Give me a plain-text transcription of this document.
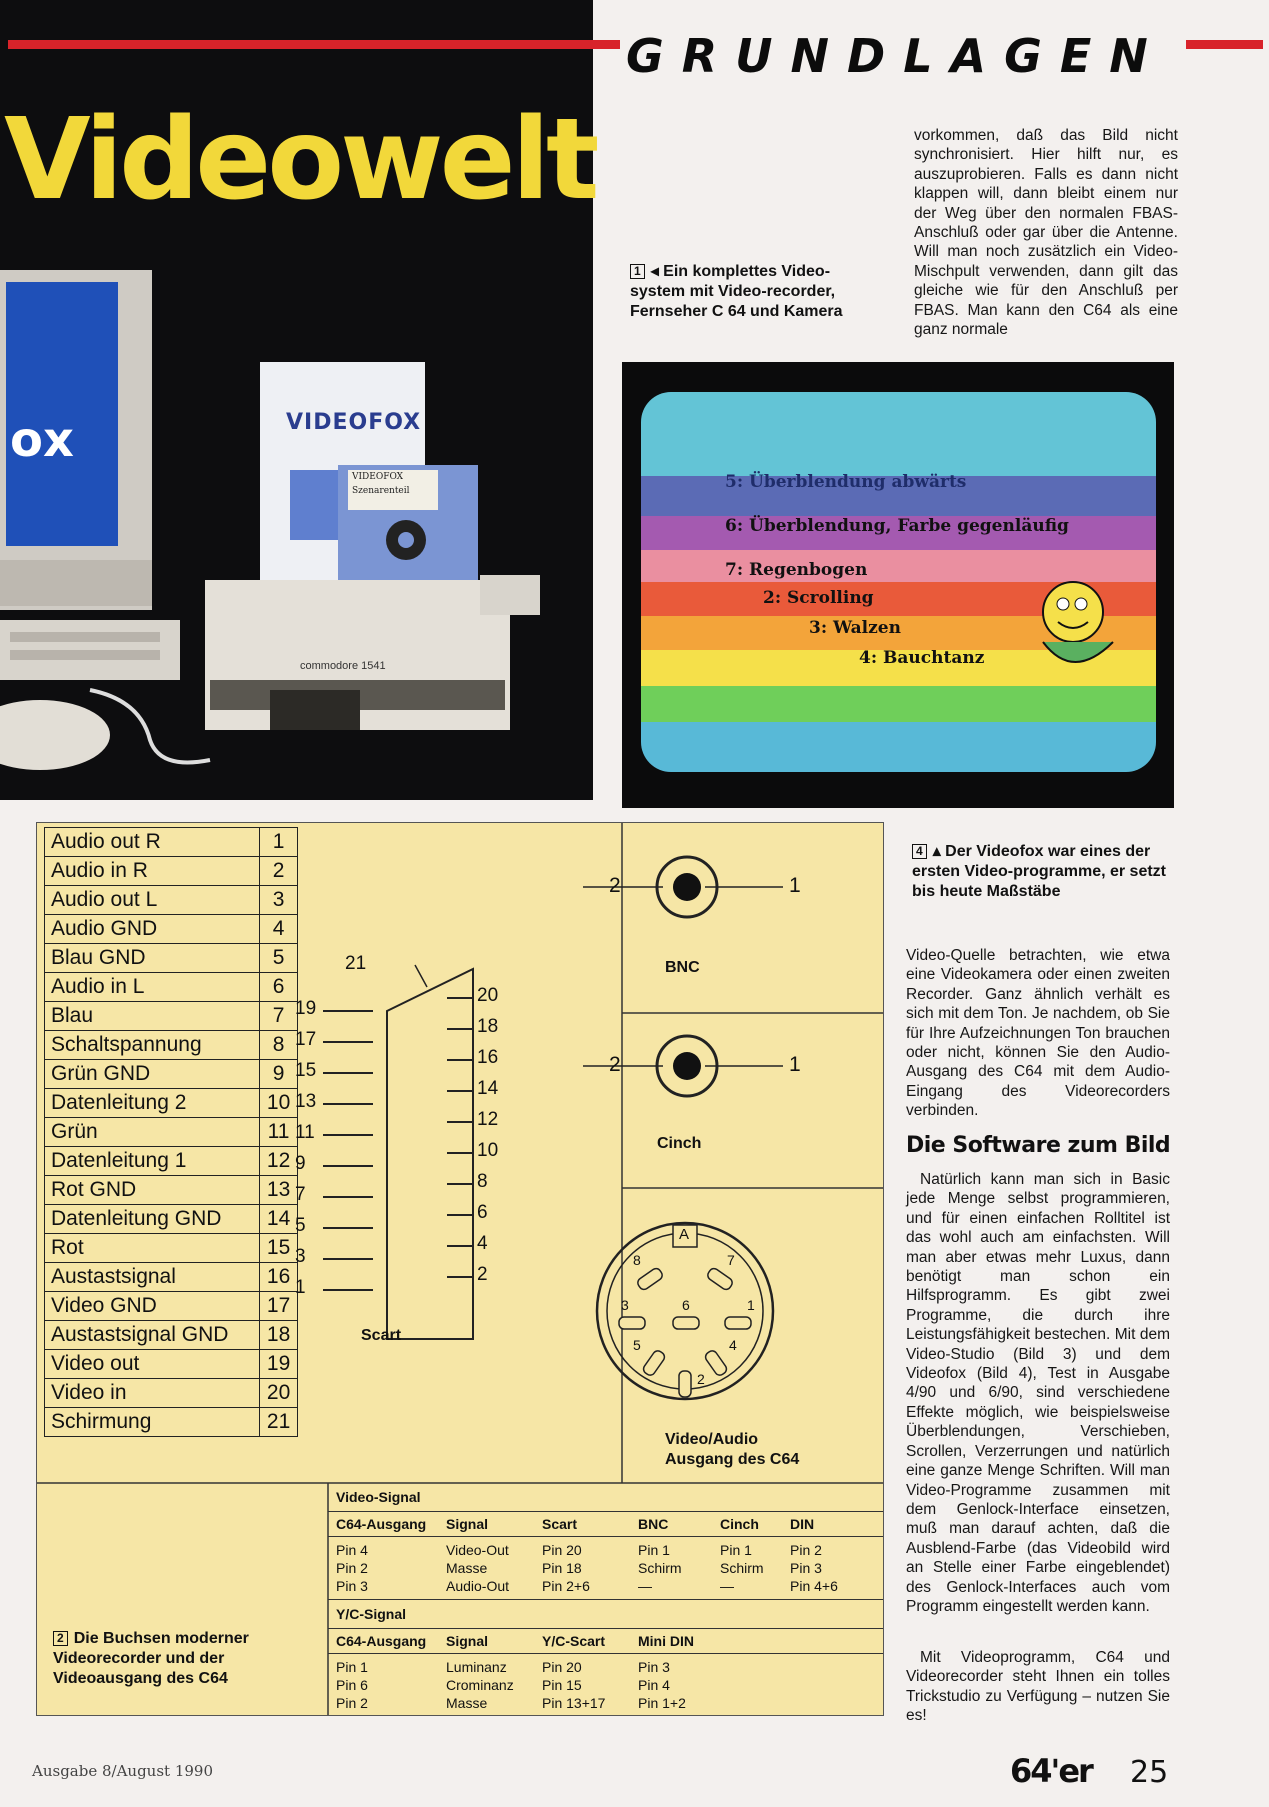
ox	VIDEOFOX
VIDEOFOX
Szenarenteil
commodore 1541
GRUNDLAGEN
Videowelt
1 ◂ Ein komplettes Video-system mit Video-recorder, Fernseher C 64 und Kamera
vorkommen, daß das Bild nicht synchronisiert. Hier hilft nur, es auszuprobieren. Falls es dann nicht klappen will, dann bleibt einem nur der Weg über den normalen FBAS-Anschluß oder gar über die Antenne. Will man noch zusätzlich ein Video-Mischpult verwenden, dann gilt das gleiche wie für den Anschluß per FBAS. Man kann den C64 als eine ganz normale
5: Überblendung abwärts
6: Überblendung, Farbe gegenläufig
7: Regenbogen
2: Scrolling
3: Walzen
4: Bauchtanz
4 ▴ Der Videofox war eines der ersten Video-programme, er setzt bis heute Maßstäbe
Video-Quelle betrachten, wie etwa eine Videokamera oder einen zweiten Recorder. Ganz ähnlich verhält es sich mit dem Ton. Je nachdem, ob Sie für Ihre Aufzeichnungen Ton brauchen oder nicht, können Sie den Audio-Ausgang des C64 mit dem Audio-Eingang des Videorecorders verbinden.
Die Software zum Bild
Natürlich kann man sich in Basic jede Menge selbst programmieren, und für einen einfachen Rolltitel ist das wohl auch am einfachsten. Will man aber etwas mehr Luxus, dann benötigt man schon ein Hilfsprogramm. Es gibt zwei Programme, die durch ihre Leistungsfähigkeit bestechen. Mit dem Video-Studio (Bild 3) und dem Videofox (Bild 4), Test in Ausgabe 4/90 und 6/90, sind verschiedene Effekte möglich, wie beispielsweise Überblendungen, Verschieben, Scrollen, Verzerrungen und natürlich eine ganze Menge Schriften. Will man Video-Programme zusammen mit dem Genlock-Interface einsetzen, muß man darauf achten, daß die Ausblend-Farbe (das Videobild wird an Stelle einer Farbe eingeblendet) des Genlock-Interfaces auch vom Programm eingestellt werden kann.
Mit Videoprogramm, C64 und Videorecorder steht Ihnen ein tolles Trickstudio zu Verfügung – nutzen Sie es!
Audio out R	1
Audio in R	2
Audio out L	3
Audio GND	4
Blau GND	5
Audio in L	6
Blau	7
Schaltspannung	8
Grün GND	9
Datenleitung 2	10
Grün	11
Datenleitung 1	12
Rot GND	13
Datenleitung GND	14
Rot	15
Austastsignal	16
Video GND	17
Austastsignal GND	18
Video out	19
Video in	20
Schirmung	21
21
19
17
15
13
11
9
7
5
3
1
20
18
16
14
12
10
8
6
4
2
Scart
2	1
BNC
2	1
Cinch
A
8	7
3	6	1
5	4
2
Video/Audio
Ausgang des C64
2 Die Buchsen moderner Videorecorder und der Videoausgang des C64
Video-Signal
C64-Ausgang	Signal	Scart	BNC	Cinch	DIN
Pin 4	Video-Out	Pin 20	Pin 1	Pin 1	Pin 2
Pin 2	Masse	Pin 18	Schirm	Schirm	Pin 3
Pin 3	Audio-Out	Pin 2+6	—	—	Pin 4+6
Y/C-Signal
C64-Ausgang	Signal	Y/C-Scart	Mini DIN
Pin 1	Luminanz	Pin 20	Pin 3
Pin 6	Crominanz	Pin 15	Pin 4
Pin 2	Masse	Pin 13+17	Pin 1+2
Ausgabe 8/August 1990	64'er 25
